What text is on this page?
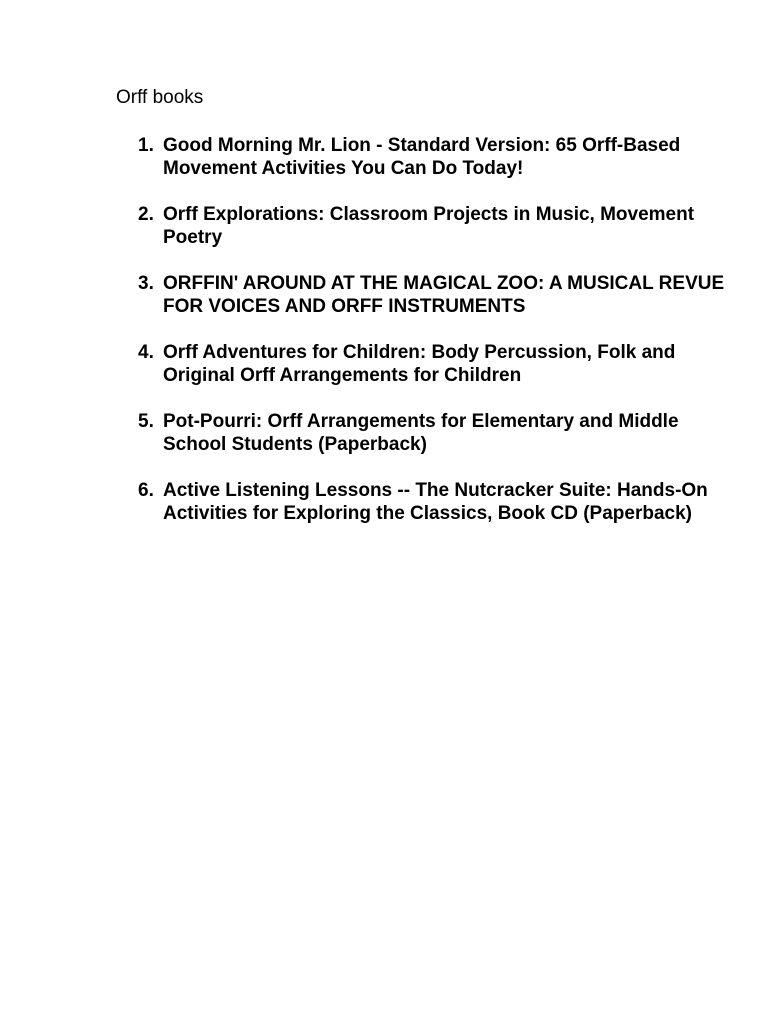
Orff books
1. Good Morning Mr. Lion - Standard Version: 65 Orff-Based Movement Activities You Can Do Today!
2. Orff Explorations: Classroom Projects in Music, Movement Poetry
3. ORFFIN' AROUND AT THE MAGICAL ZOO: A MUSICAL REVUE FOR VOICES AND ORFF INSTRUMENTS
4. Orff Adventures for Children: Body Percussion, Folk and Original Orff Arrangements for Children
5. Pot-Pourri: Orff Arrangements for Elementary and Middle School Students (Paperback)
6. Active Listening Lessons -- The Nutcracker Suite: Hands-On Activities for Exploring the Classics, Book CD (Paperback)
